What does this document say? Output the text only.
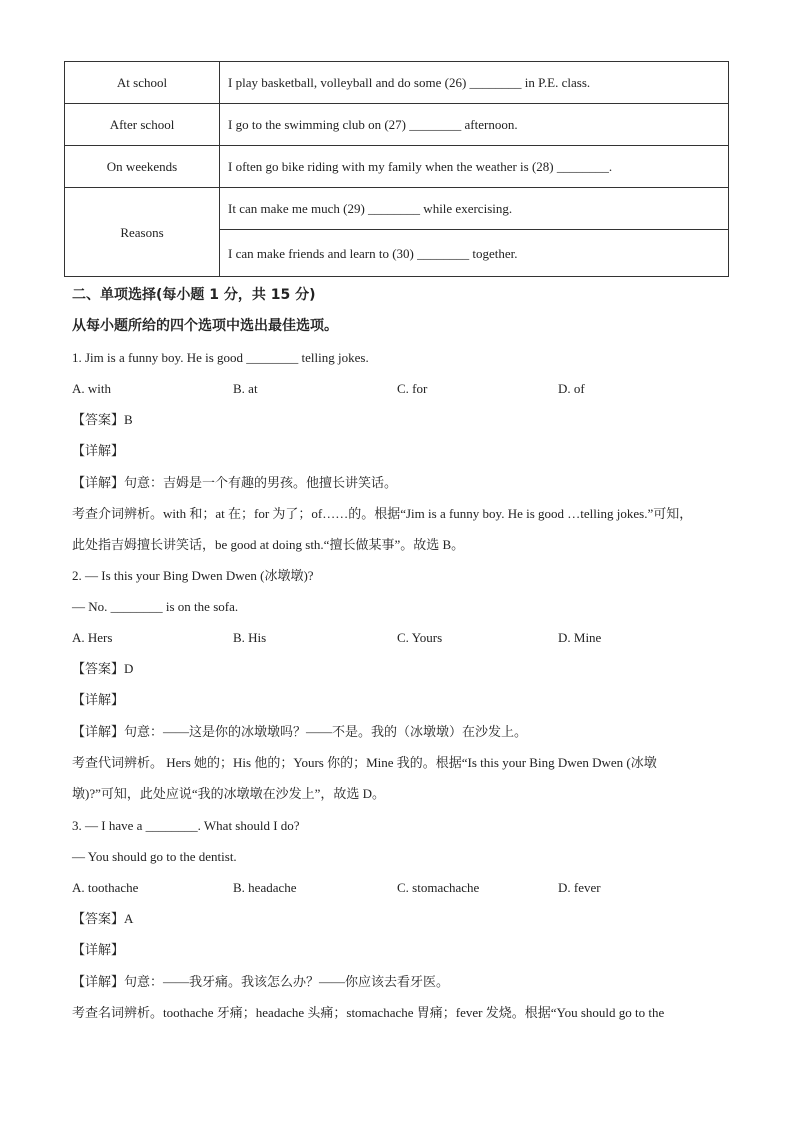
At school	I play basketball, volleyball and do some (26) ________ in P.E. class.
After school	I go to the swimming club on (27) ________ afternoon.
On weekends	I often go bike riding with my family when the weather is (28) ________.
Reasons	It can make me much (29) ________ while exercising.
	I can make friends and learn to (30) ________ together.
二、单项选择(每小题 1 分，共 15 分)
从每小题所给的四个选项中选出最佳选项。
1. Jim is a funny boy. He is good ________ telling jokes.
A. with	B. at	C. for	D. of
【答案】B
【详解】
【详解】句意：吉姆是一个有趣的男孩。他擅长讲笑话。
考查介词辨析。with 和；at 在；for 为了；of……的。根据“Jim is a funny boy. He is good …telling jokes.”可知，
此处指吉姆擅长讲笑话，be good at doing sth.“擅长做某事”。故选 B。
2. — Is this your Bing Dwen Dwen (冰墩墩)?
— No. ________ is on the sofa.
A. Hers	B. His	C. Yours	D. Mine
【答案】D
【详解】
【详解】句意：——这是你的冰墩墩吗？——不是。我的（冰墩墩）在沙发上。
考查代词辨析。 Hers 她的；His 他的；Yours 你的；Mine 我的。根据“Is this your Bing Dwen Dwen (冰墩
墩)?”可知，此处应说“我的冰墩墩在沙发上”，故选 D。
3. — I have a ________. What should I do?
— You should go to the dentist.
A. toothache	B. headache	C. stomachache	D. fever
【答案】A
【详解】
【详解】句意：——我牙痛。我该怎么办？——你应该去看牙医。
考查名词辨析。toothache 牙痛；headache 头痛；stomachache 胃痛；fever 发烧。根据“You should go to the
